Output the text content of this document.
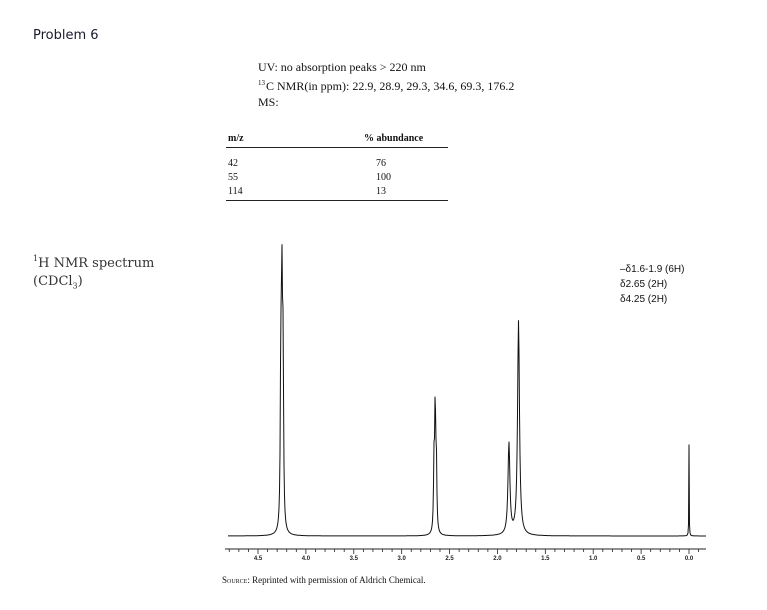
Problem 6
UV: no absorption peaks > 220 nm
$^{13}$C NMR(in ppm): 22.9, 28.9, 29.3, 34.6, 69.3, 176.2
MS:
m/z	% abundance
42	76
55	100
114	13
$^1$H NMR spectrum
(CDCl$_3$)
–δ1.6-1.9 (6H)
δ2.65 (2H)
δ4.25 (2H)
4.5	4.0	3.5	3.0	2.5	2.0	1.5	1.0	0.5	0.0
Source: Reprinted with permission of Aldrich Chemical.
